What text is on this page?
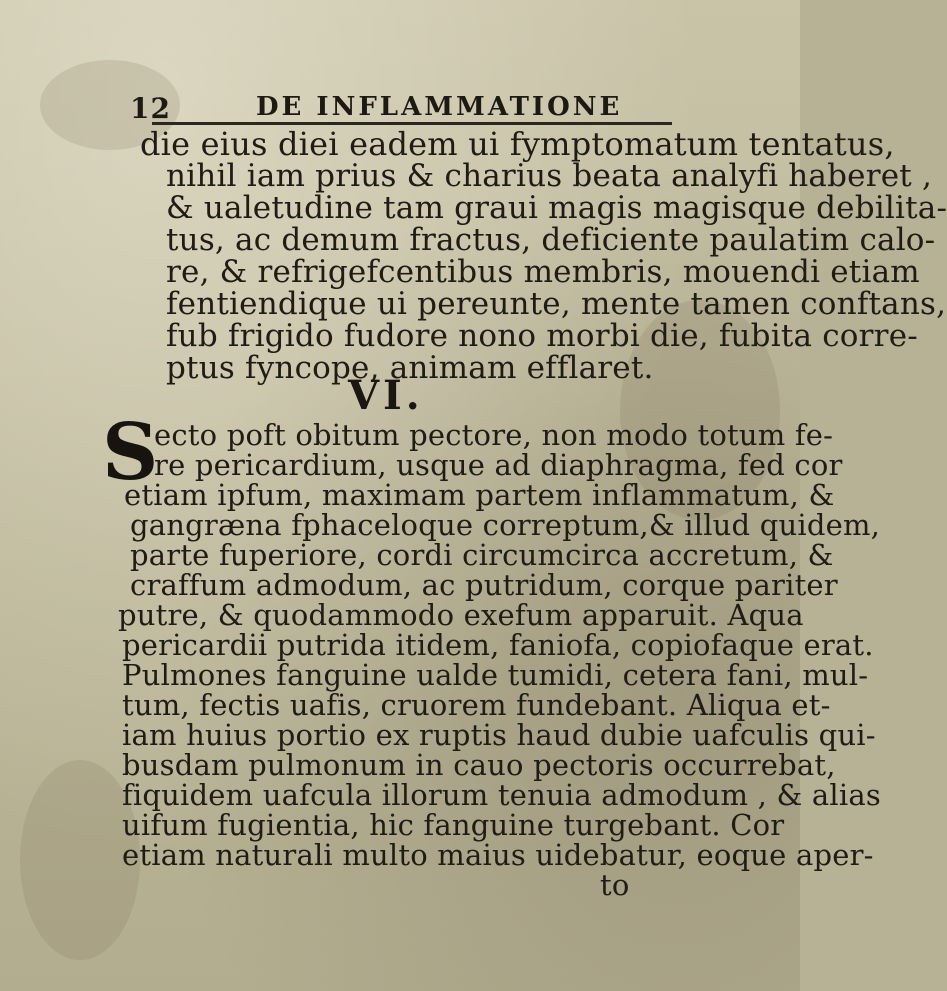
12	DE INFLAMMATIONE
die eius diei eadem ui fymptomatum tentatus,
nihil iam prius & charius beata analyfi haberet ,
& ualetudine tam graui magis magisque debilita-
tus, ac demum fractus, deficiente paulatim calo-
re, & refrigefcentibus membris, mouendi etiam
fentiendique ui pereunte, mente tamen conftans,
fub frigido fudore nono morbi die, fubita corre-
ptus fyncope, animam efflaret.
VI.
S
ecto poft obitum pectore, non modo totum fe-
re pericardium, usque ad diaphragma, fed cor
etiam ipfum, maximam partem inflammatum, &
gangræna fphaceloque correptum,& illud quidem,
parte fuperiore, cordi circumcirca accretum, &
craffum admodum, ac putridum, corque pariter
putre, & quodammodo exefum apparuit. Aqua
pericardii putrida itidem, faniofa, copiofaque erat.
Pulmones fanguine ualde tumidi, cetera fani, mul-
tum, fectis uafis, cruorem fundebant. Aliqua et-
iam huius portio ex ruptis haud dubie uafculis qui-
busdam pulmonum in cauo pectoris occurrebat,
fiquidem uafcula illorum tenuia admodum , & alias
uifum fugientia, hic fanguine turgebant. Cor
etiam naturali multo maius uidebatur, eoque aper-
to
